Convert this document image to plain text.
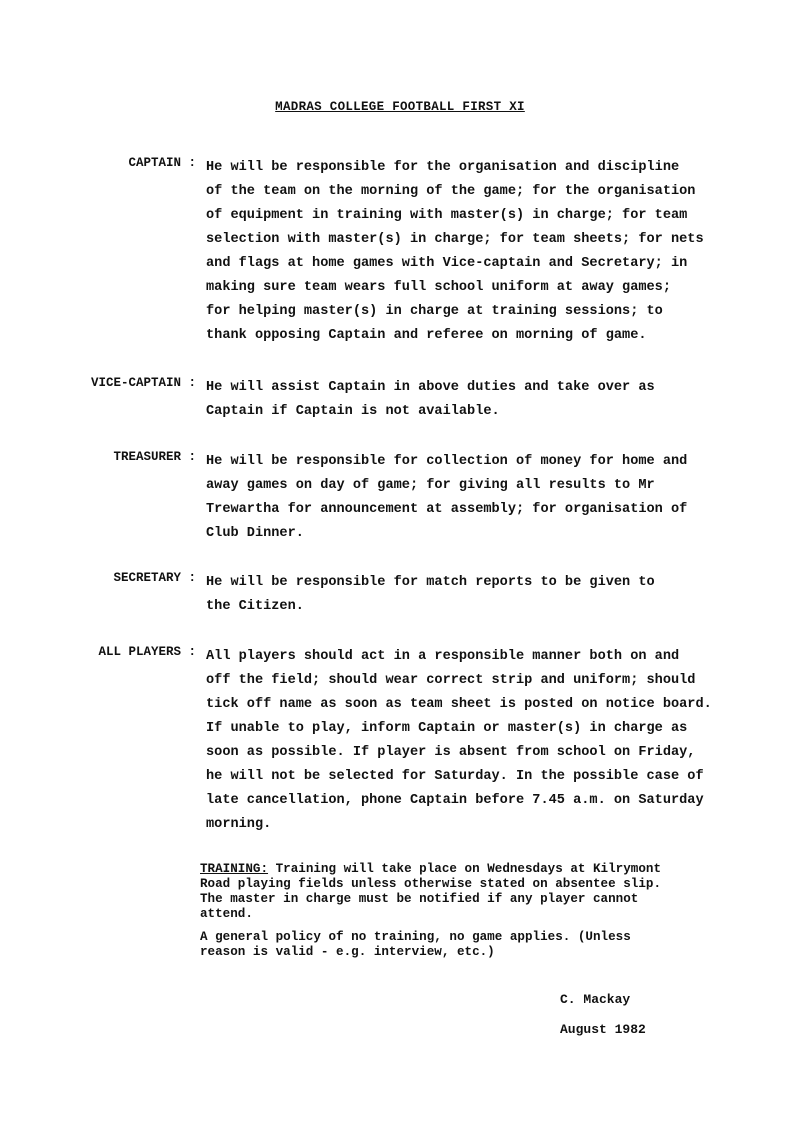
MADRAS COLLEGE FOOTBALL FIRST XI
CAPTAIN : He will be responsible for the organisation and discipline
of the team on the morning of the game; for the organisation
of equipment in training with master(s) in charge; for team
selection with master(s) in charge; for team sheets; for nets
and flags at home games with Vice-captain and Secretary; in
making sure team wears full school uniform at away games;
for helping master(s) in charge at training sessions; to
thank opposing Captain and referee on morning of game.
VICE-CAPTAIN : He will assist Captain in above duties and take over as
Captain if Captain is not available.
TREASURER : He will be responsible for collection of money for home and
away games on day of game; for giving all results to Mr
Trewartha for announcement at assembly; for organisation of
Club Dinner.
SECRETARY : He will be responsible for match reports to be given to
the Citizen.
ALL PLAYERS : All players should act in a responsible manner both on and
off the field; should wear correct strip and uniform; should
tick off name as soon as team sheet is posted on notice board.
If unable to play, inform Captain or master(s) in charge as
soon as possible. If player is absent from school on Friday,
he will not be selected for Saturday. In the possible case of
late cancellation, phone Captain before 7.45 a.m. on Saturday
morning.

TRAINING: Training will take place on Wednesdays at Kilrymont
Road playing fields unless otherwise stated on absentee slip.
The master in charge must be notified if any player cannot
attend.

A general policy of no training, no game applies. (Unless
reason is valid - e.g. interview, etc.)

C. Mackay
August 1982
